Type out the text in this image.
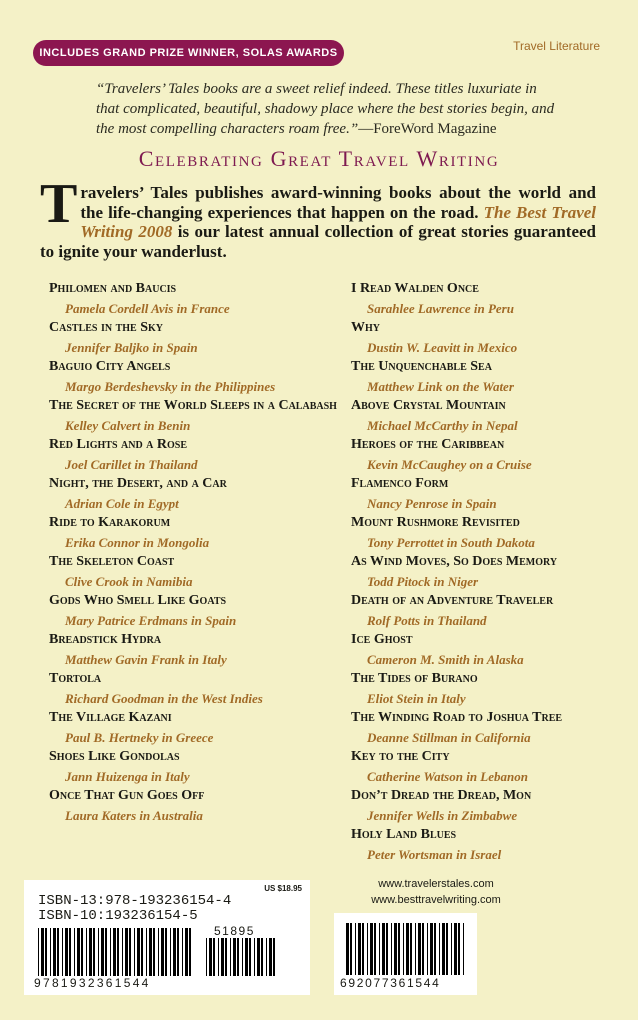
INCLUDES GRAND PRIZE WINNER, SOLAS AWARDS	Travel Literature
“Travelers’ Tales books are a sweet relief indeed. These titles luxuriate in that complicated, beautiful, shadowy place where the best stories begin, and the most compelling characters roam free.”—ForeWord Magazine
Celebrating Great Travel Writing
Travelers’ Tales publishes award-winning books about the world and the life-changing experiences that happen on the road. The Best Travel Writing 2008 is our latest annual collection of great stories guaranteed to ignite your wanderlust.
Philomen and Baucis
Pamela Cordell Avis in France
Castles in the Sky
Jennifer Baljko in Spain
Baguio City Angels
Margo Berdeshevsky in the Philippines
The Secret of the World Sleeps in a Calabash
Kelley Calvert in Benin
Red Lights and a Rose
Joel Carillet in Thailand
Night, the Desert, and a Car
Adrian Cole in Egypt
Ride to Karakorum
Erika Connor in Mongolia
The Skeleton Coast
Clive Crook in Namibia
Gods Who Smell Like Goats
Mary Patrice Erdmans in Spain
Breadstick Hydra
Matthew Gavin Frank in Italy
Tortola
Richard Goodman in the West Indies
The Village Kazani
Paul B. Hertneky in Greece
Shoes Like Gondolas
Jann Huizenga in Italy
Once That Gun Goes Off
Laura Katers in Australia
I Read Walden Once
Sarahlee Lawrence in Peru
Why
Dustin W. Leavitt in Mexico
The Unquenchable Sea
Matthew Link on the Water
Above Crystal Mountain
Michael McCarthy in Nepal
Heroes of the Caribbean
Kevin McCaughey on a Cruise
Flamenco Form
Nancy Penrose in Spain
Mount Rushmore Revisited
Tony Perrottet in South Dakota
As Wind Moves, So Does Memory
Todd Pitock in Niger
Death of an Adventure Traveler
Rolf Potts in Thailand
Ice Ghost
Cameron M. Smith in Alaska
The Tides of Burano
Eliot Stein in Italy
The Winding Road to Joshua Tree
Deanne Stillman in California
Key to the City
Catherine Watson in Lebanon
Don’t Dread the Dread, Mon
Jennifer Wells in Zimbabwe
Holy Land Blues
Peter Wortsman in Israel
www.travelerstales.com
www.besttravelwriting.com
US $18.95
ISBN-13:978-193236154-4
ISBN-10:193236154-5
51895
9781932361544	692077361544
